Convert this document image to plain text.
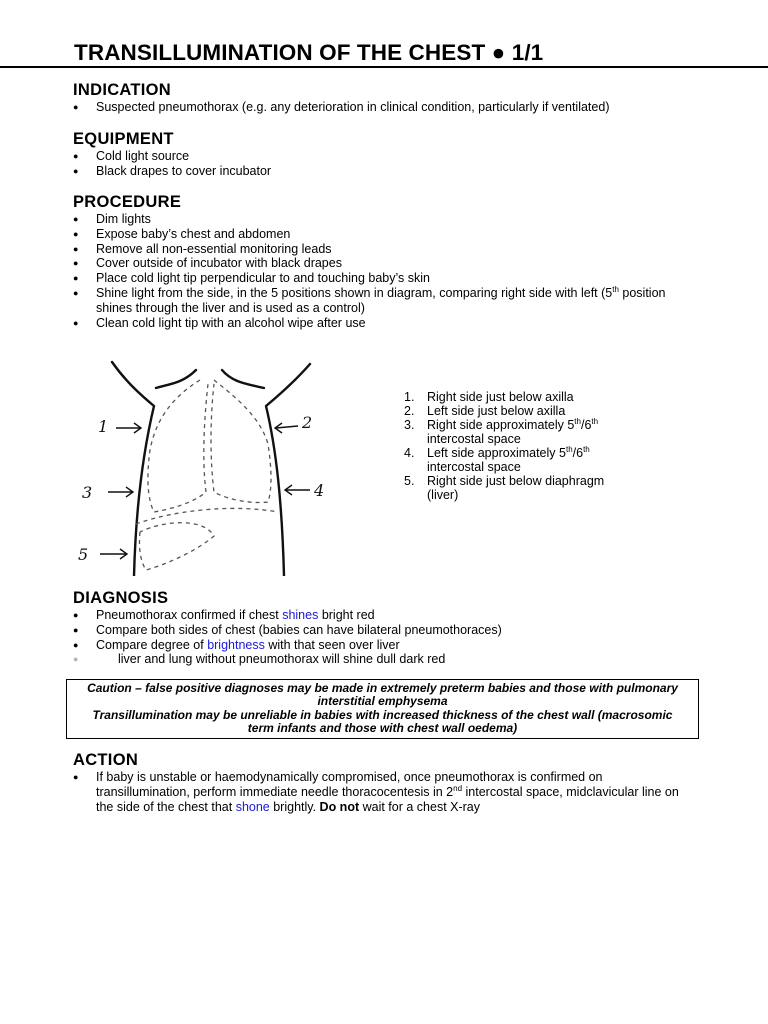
TRANSILLUMINATION OF THE CHEST ● 1/1
INDICATION
● Suspected pneumothorax (e.g. any deterioration in clinical condition, particularly if ventilated)
EQUIPMENT
● Cold light source
● Black drapes to cover incubator
PROCEDURE
● Dim lights
● Expose baby’s chest and abdomen
● Remove all non-essential monitoring leads
● Cover outside of incubator with black drapes
● Place cold light tip perpendicular to and touching baby’s skin
● Shine light from the side, in the 5 positions shown in diagram, comparing right side with left (5th position shines through the liver and is used as a control)
● Clean cold light tip with an alcohol wipe after use
1	2
3	4
5
1. Right side just below axilla
2. Left side just below axilla
3. Right side approximately 5th/6th
intercostal space
4. Left side approximately 5th/6th
intercostal space
5. Right side just below diaphragm
(liver)
DIAGNOSIS
● Pneumothorax confirmed if chest shines bright red
● Compare both sides of chest (babies can have bilateral pneumothoraces)
● Compare degree of brightness with that seen over liver
●	liver and lung without pneumothorax will shine dull dark red

Caution – false positive diagnoses may be made in extremely preterm babies and those with pulmonary interstitial emphysema

Transillumination may be unreliable in babies with increased thickness of the chest wall (macrosomic term infants and those with chest wall oedema)

ACTION
● If baby is unstable or haemodynamically compromised, once pneumothorax is confirmed on transillumination, perform immediate needle thoracocentesis in 2nd intercostal space, midclavicular line on the side of the chest that shone brightly. Do not wait for a chest X-ray
